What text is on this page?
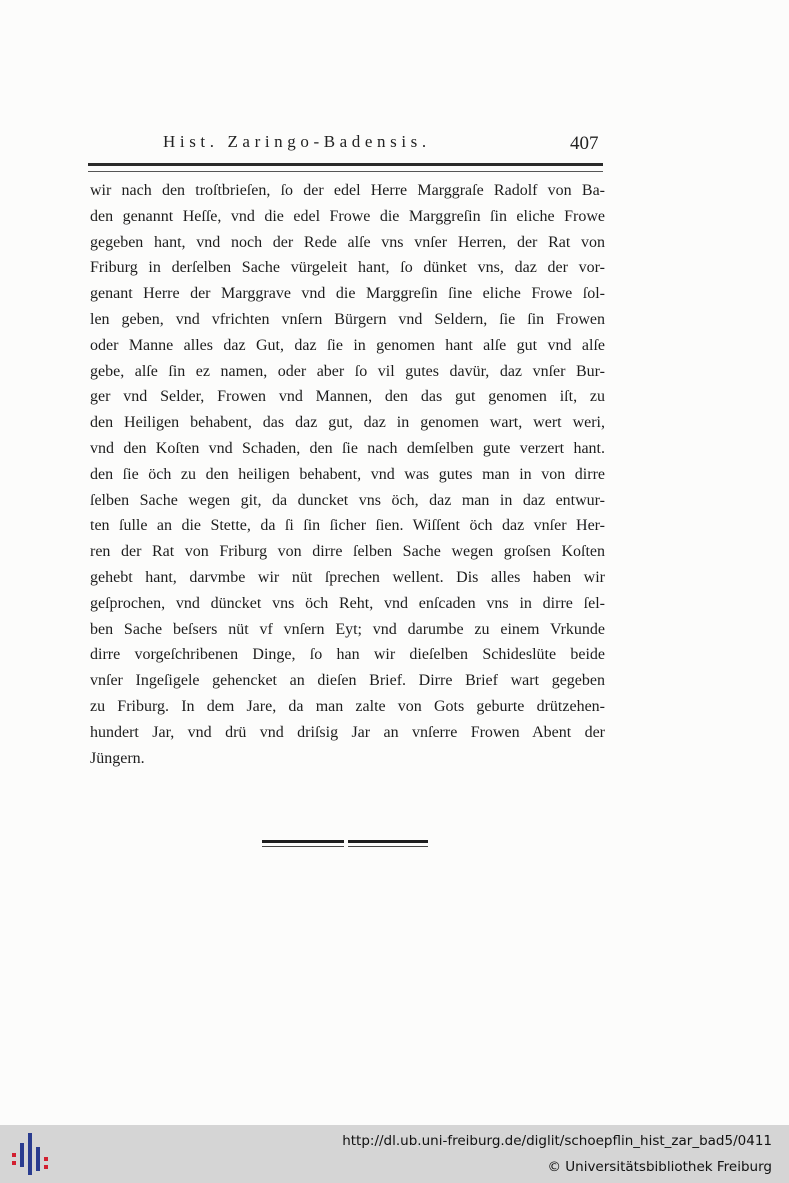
Hist. Zaringo-Badensis.	407
wir nach den troſtbrieſen, ſo der edel Herre Marggraſe Radolf von Ba-
den genannt Heſſe, vnd die edel Frowe die Marggreſin ſin eliche Frowe
gegeben hant, vnd noch der Rede alſe vns vnſer Herren, der Rat von
Friburg in derſelben Sache vürgeleit hant, ſo dünket vns, daz der vor-
genant Herre der Marggrave vnd die Marggreſin ſine eliche Frowe ſol-
len geben, vnd vfrichten vnſern Bürgern vnd Seldern, ſie ſin Frowen
oder Manne alles daz Gut, daz ſie in genomen hant alſe gut vnd alſe
gebe, alſe ſin ez namen, oder aber ſo vil gutes davür, daz vnſer Bur-
ger vnd Selder, Frowen vnd Mannen, den das gut genomen iſt, zu
den Heiligen behabent, das daz gut, daz in genomen wart, wert weri,
vnd den Koſten vnd Schaden, den ſie nach demſelben gute verzert hant.
den ſie öch zu den heiligen behabent, vnd was gutes man in von dirre
ſelben Sache wegen git, da duncket vns öch, daz man in daz entwur-
ten ſulle an die Stette, da ſi ſin ſicher ſien. Wiſſent öch daz vnſer Her-
ren der Rat von Friburg von dirre ſelben Sache wegen groſsen Koſten
gehebt hant, darvmbe wir nüt ſprechen wellent. Dis alles haben wir
geſprochen, vnd düncket vns öch Reht, vnd enſcaden vns in dirre ſel-
ben Sache beſsers nüt vf vnſern Eyt; vnd darumbe zu einem Vrkunde
dirre vorgeſchribenen Dinge, ſo han wir dieſelben Schideslüte beide
vnſer Ingeſigele gehencket an dieſen Brief. Dirre Brief wart gegeben
zu Friburg. In dem Jare, da man zalte von Gots geburte drützehen-
hundert Jar, vnd drü vnd driſsig Jar an vnſerre Frowen Abent der
Jüngern.
http://dl.ub.uni-freiburg.de/diglit/schoepflin_hist_zar_bad5/0411
© Universitätsbibliothek Freiburg
